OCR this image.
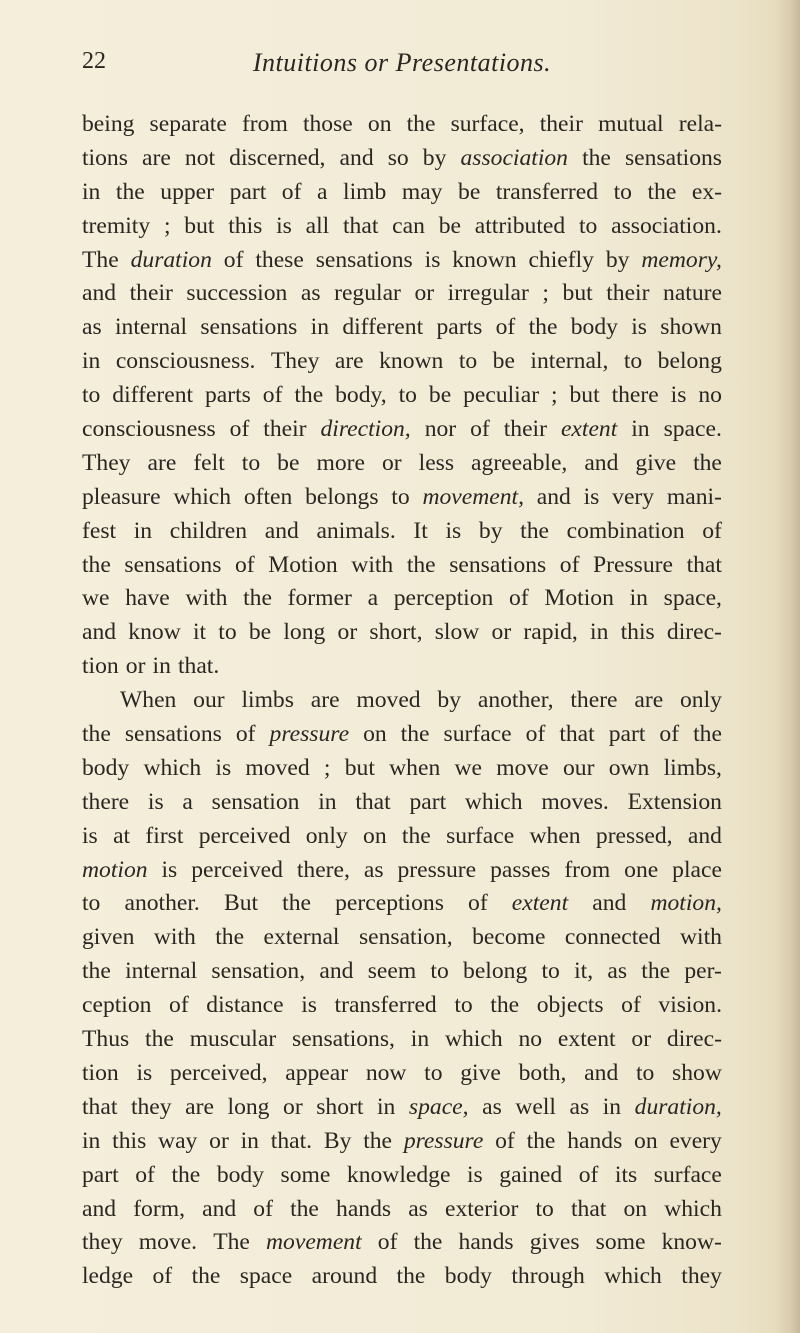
22	Intuitions or Presentations.
being separate from those on the surface, their mutual rela-
tions are not discerned, and so by association the sensations
in the upper part of a limb may be transferred to the ex-
tremity ; but this is all that can be attributed to association.
The duration of these sensations is known chiefly by memory,
and their succession as regular or irregular ; but their nature
as internal sensations in different parts of the body is shown
in consciousness. They are known to be internal, to belong
to different parts of the body, to be peculiar ; but there is no
consciousness of their direction, nor of their extent in space.
They are felt to be more or less agreeable, and give the
pleasure which often belongs to movement, and is very mani-
fest in children and animals. It is by the combination of
the sensations of Motion with the sensations of Pressure that
we have with the former a perception of Motion in space,
and know it to be long or short, slow or rapid, in this direc-
tion or in that.
When our limbs are moved by another, there are only
the sensations of pressure on the surface of that part of the
body which is moved ; but when we move our own limbs,
there is a sensation in that part which moves. Extension
is at first perceived only on the surface when pressed, and
motion is perceived there, as pressure passes from one place
to another. But the perceptions of extent and motion,
given with the external sensation, become connected with
the internal sensation, and seem to belong to it, as the per-
ception of distance is transferred to the objects of vision.
Thus the muscular sensations, in which no extent or direc-
tion is perceived, appear now to give both, and to show
that they are long or short in space, as well as in duration,
in this way or in that. By the pressure of the hands on every
part of the body some knowledge is gained of its surface
and form, and of the hands as exterior to that on which
they move. The movement of the hands gives some know-
ledge of the space around the body through which they
